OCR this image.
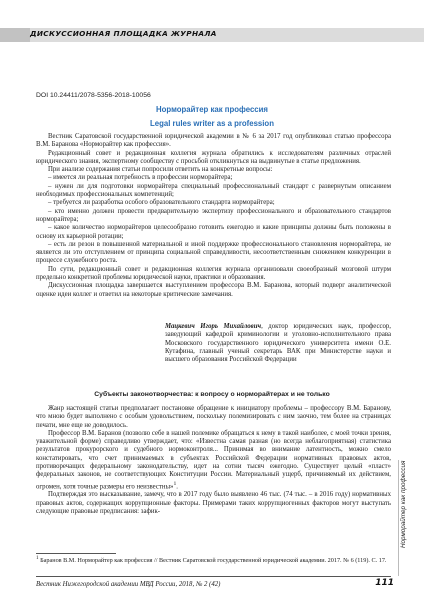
ДИСКУССИОННАЯ ПЛОЩАДКА ЖУРНАЛА
DOI 10.24411/2078-5356-2018-10056
Норморайтер как профессия
Legal rules writer as a profession

Вестник Саратовской государственной юридической академии в № 6 за 2017 год опубликовал статью профессора В.М. Баранова «Норморайтер как профессия».

Редакционный совет и редакционная коллегия журнала обратились к исследователям различных отраслей юридического знания, экспертному сообществу с просьбой откликнуться на выдвинутые в статье предложения.

При анализе содержания статьи попросили ответить на конкретные вопросы:

– имеется ли реальная потребность в профессии норморайтера;

– нужен ли для подготовки норморайтера специальный профессиональный стандарт с развернутым описанием необходимых профессиональных компетенций;

– требуется ли разработка особого образовательного стандарта норморайтера;

– кто именно должен провести предварительную экспертизу профессионального и образовательного стандартов норморайтера;

– какое количество норморайтеров целесообразно готовить ежегодно и какие принципы должны быть положены в основу их карьерной ротации;

– есть ли резон в повышенной материальной и иной поддержке профессионального становления норморайтера, не является ли это отступлением от принципа социальной справедливости, несоответственным снижением конкуренции в процессе служебного роста.

По сути, редакционный совет и редакционная коллегия журнала организовали своеобразный мозговой штурм предельно конкретной проблемы юридической науки, практики и образования.

Дискуссионная площадка завершается выступлением профессора В.М. Баранова, который подверг аналитической оценке идеи коллег и ответил на некоторые критические замечания.

Мацкевич Игорь Михайлович, доктор юридических наук, профессор, заведующий кафедрой криминологии и уголовно-исполнительного права Московского государственного юридического университета имени О.Е. Кутафина, главный ученый секретарь ВАК при Министерстве науки и высшего образования Российской Федерации
Субъекты законотворчества: к вопросу о норморайтерах и не только

Жанр настоящей статьи предполагает постановке обращение к инициатору проблемы – профессору В.М. Баранову, что мною будет выполнено с особым удовольствием, поскольку полемизировать с ним заочно, тем более на страницах печати, мне еще не доводилось.

Профессор В.М. Баранов (позволю себе в нашей полемике обращаться к нему в такой наиболее, с моей точки зрения, уважительной форме) справедливо утверждает, что: «Известна самая разная (но всегда неблагоприятная) статистика результатов прокурорского и судебного нормоконтроля... Принимая во внимание латентность, можно смело констатировать, что счет принимаемых в субъектах Российской Федерации нормативных правовых актов, противоречащих федеральному законодательству, идет на сотни тысяч ежегодно. Существует целый «пласт» федеральных законов, не соответствующих Конституции России. Материальный ущерб, причиняемый их действием, огромен, хотя точные размеры его неизвестны»$^1$.

Подтверждая это высказывание, замечу, что в 2017 году было выявлено 46 тыс. (74 тыс. – в 2016 году) нормативных правовых актов, содержащих коррупционные факторы. Примерами таких коррупциогенных факторов могут выступать следующие правовые предписания: зафик-

$^1$ Баранов В.М. Норморайтер как профессия // Вестник Саратовской государственной юридической академии. 2017. № 6 (119). С. 17.
Вестник Нижегородской академии МВД России, 2018, № 2 (42)	111
Норморайтер как профессия
